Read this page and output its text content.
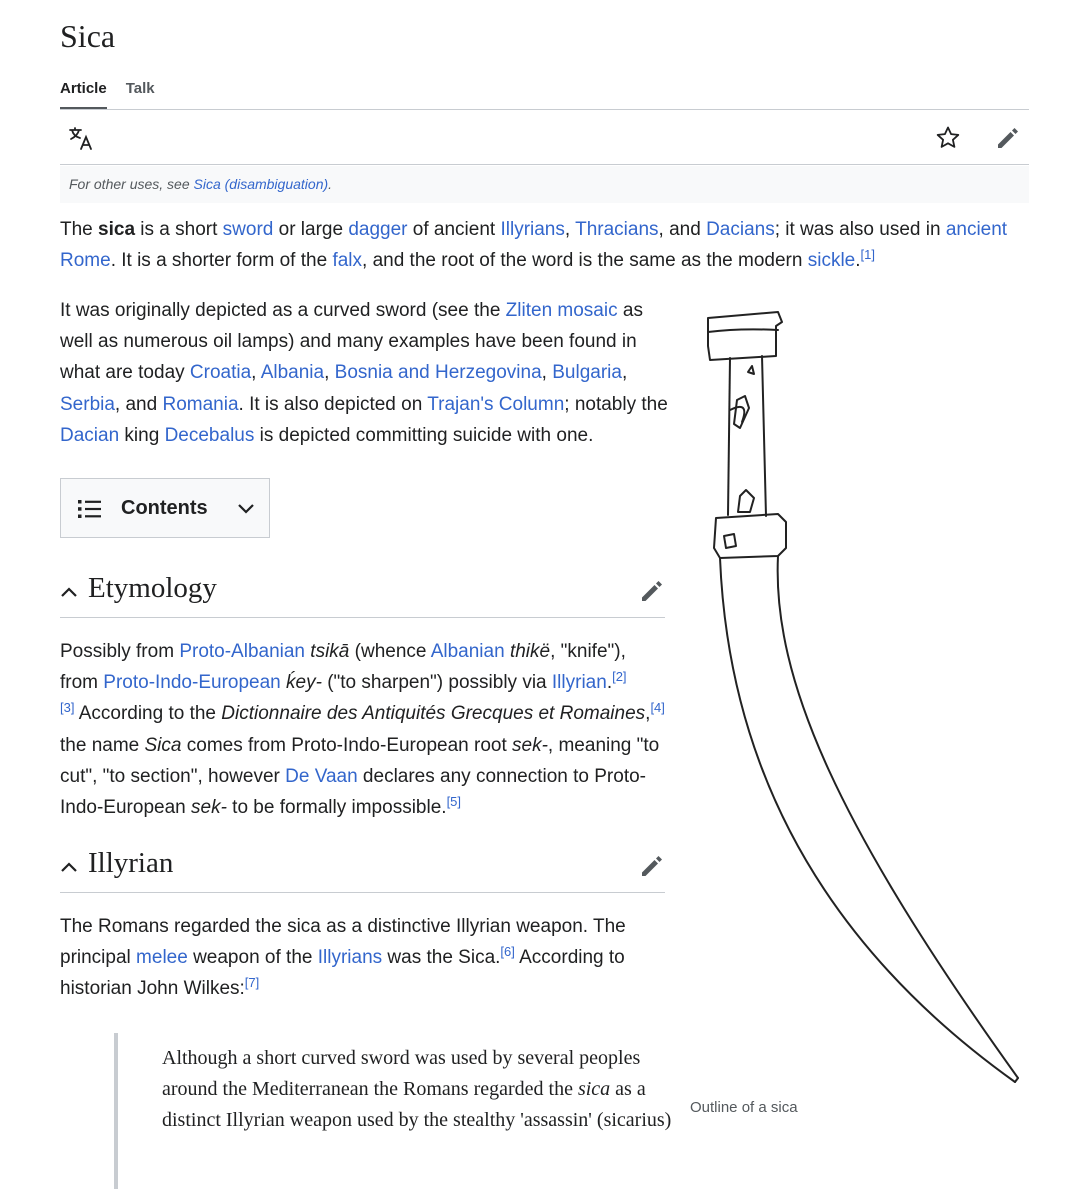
Sica
Article Talk
For other uses, see Sica (disambiguation).

The sica is a short sword or large dagger of ancient Illyrians, Thracians, and Dacians; it was also used in ancient Rome. It is a shorter form of the falx, and the root of the word is the same as the modern sickle.[1]

It was originally depicted as a curved sword (see the Zliten mosaic as well as numerous oil lamps) and many examples have been found in what are today Croatia, Albania, Bosnia and Herzegovina, Bulgaria, Serbia, and Romania. It is also depicted on Trajan's Column; notably the Dacian king Decebalus is depicted committing suicide with one.

Contents
Etymology

Possibly from Proto-Albanian tsikā (whence Albanian thikë, "knife"), from Proto-Indo-European ḱey- ("to sharpen") possibly via Illyrian.[2]
[3] According to the Dictionnaire des Antiquités Grecques et Romaines,[4] the name Sica comes from Proto-Indo-European root sek-, meaning "to cut", "to section", however De Vaan declares any connection to Proto-Indo-European sek- to be formally impossible.[5]

Illyrian

The Romans regarded the sica as a distinctive Illyrian weapon. The principal melee weapon of the Illyrians was the Sica.[6] According to historian John Wilkes:[7]

Although a short curved sword was used by several peoples around the Mediterranean the Romans regarded the sica as a distinct Illyrian weapon used by the stealthy 'assassin' (sicarius)

Outline of a sica
